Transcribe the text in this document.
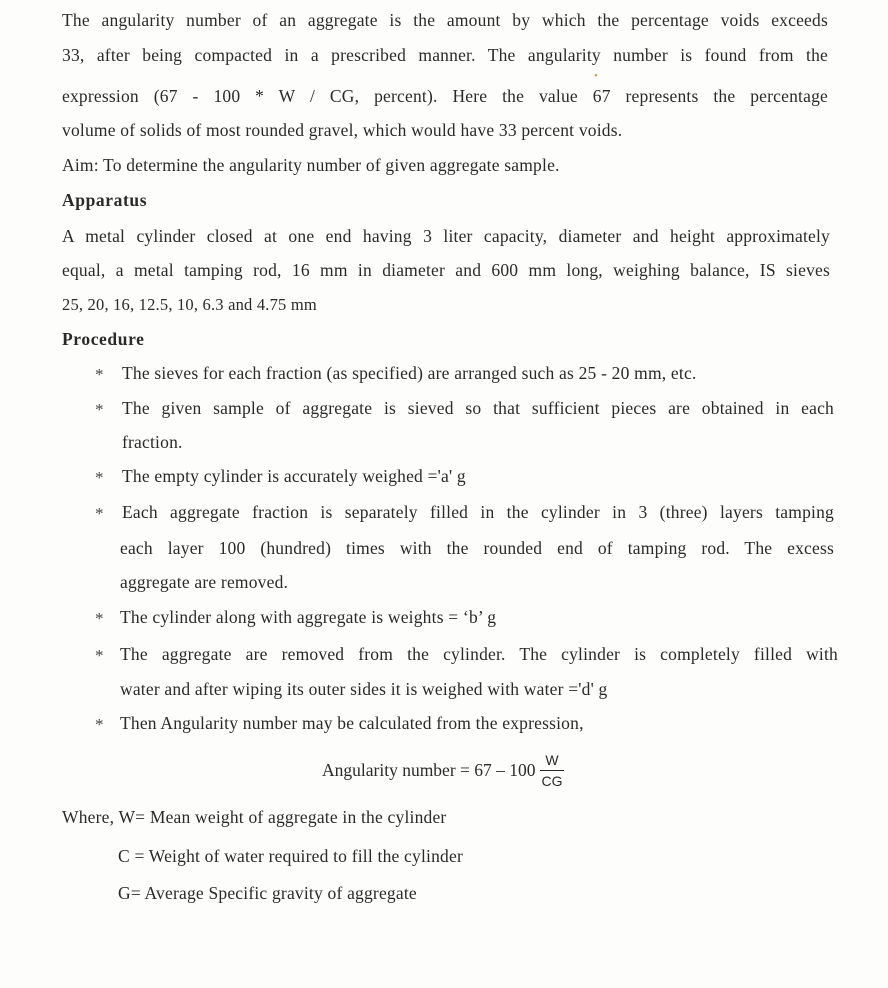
The angularity number of an aggregate is the amount by which the percentage voids exceeds
33, after being compacted in a prescribed manner. The angularity number is found from the
expression (67 - 100 * W / CG, percent). Here the value 67 represents the percentage
volume of solids of most rounded gravel, which would have 33 percent voids.
Aim: To determine the angularity number of given aggregate sample.
Apparatus
A metal cylinder closed at one end having 3 liter capacity, diameter and height approximately
equal, a metal tamping rod, 16 mm in diameter and 600 mm long, weighing balance, IS sieves
25, 20, 16, 12.5, 10, 6.3 and 4.75 mm
Procedure
* The sieves for each fraction (as specified) are arranged such as 25 - 20 mm, etc.
* The given sample of aggregate is sieved so that sufficient pieces are obtained in each
fraction.
* The empty cylinder is accurately weighed ='a' g
* Each aggregate fraction is separately filled in the cylinder in 3 (three) layers tamping
each layer 100 (hundred) times with the rounded end of tamping rod. The excess
aggregate are removed.
* The cylinder along with aggregate is weights = ‘b’ g
* The aggregate are removed from the cylinder. The cylinder is completely filled with
water and after wiping its outer sides it is weighed with water ='d' g
* Then Angularity number may be calculated from the expression,
Angularity number = $67 - 100 \frac{W}{CG}$
Where, W= Mean weight of aggregate in the cylinder
C = Weight of water required to fill the cylinder
G= Average Specific gravity of aggregate
•
